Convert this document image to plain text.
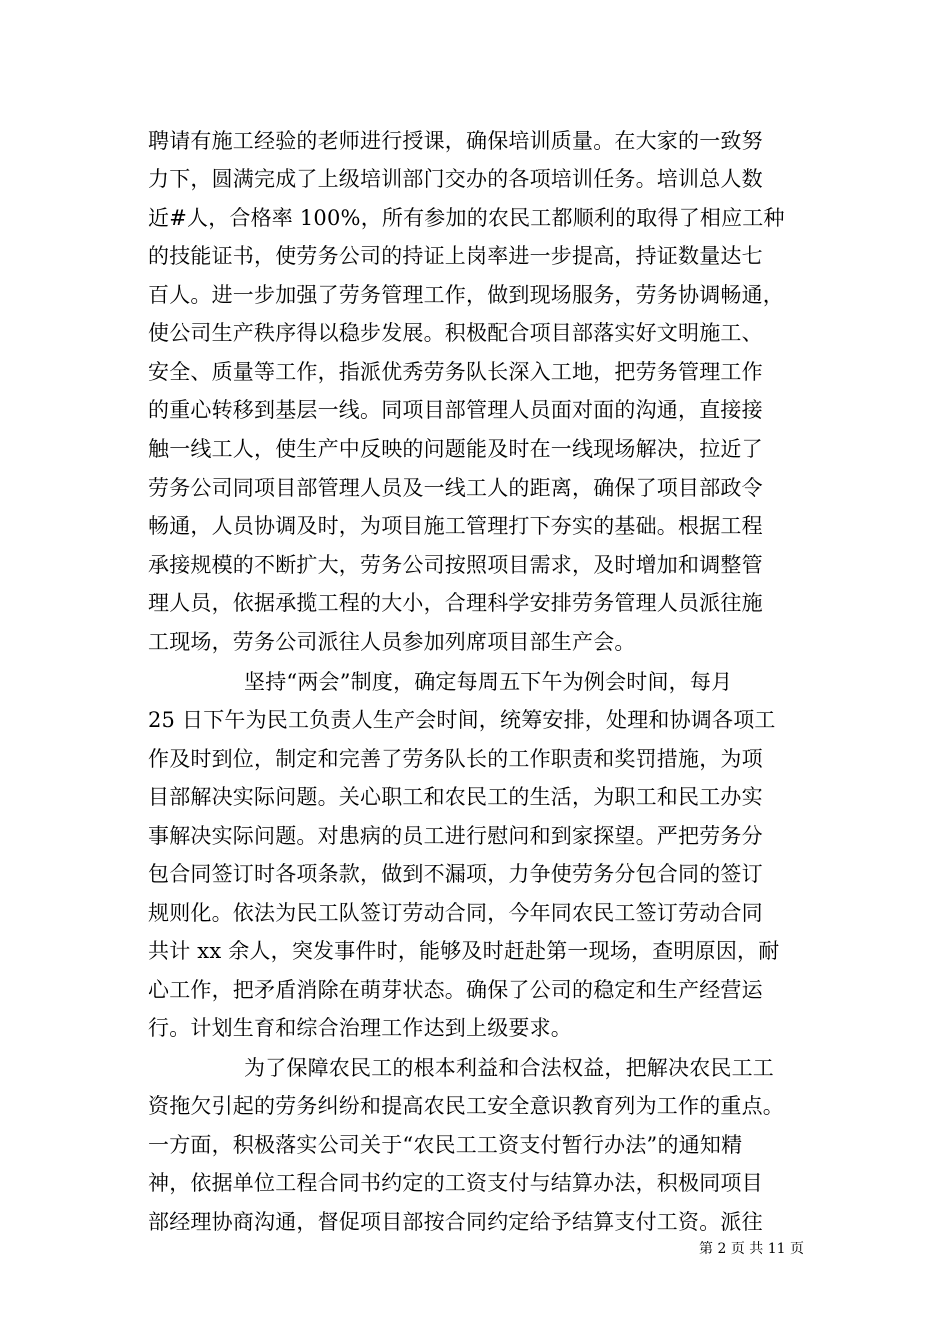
聘请有施工经验的老师进行授课，确保培训质量。在大家的一致努
力下，圆满完成了上级培训部门交办的各项培训任务。培训总人数
近#人，合格率 100%，所有参加的农民工都顺利的取得了相应工种
的技能证书，使劳务公司的持证上岗率进一步提高，持证数量达七
百人。进一步加强了劳务管理工作，做到现场服务，劳务协调畅通，
使公司生产秩序得以稳步发展。积极配合项目部落实好文明施工、
安全、质量等工作，指派优秀劳务队长深入工地，把劳务管理工作
的重心转移到基层一线。同项目部管理人员面对面的沟通，直接接
触一线工人，使生产中反映的问题能及时在一线现场解决，拉近了
劳务公司同项目部管理人员及一线工人的距离，确保了项目部政令
畅通，人员协调及时，为项目施工管理打下夯实的基础。根据工程
承接规模的不断扩大，劳务公司按照项目需求，及时增加和调整管
理人员，依据承揽工程的大小，合理科学安排劳务管理人员派往施
工现场，劳务公司派往人员参加列席项目部生产会。
坚持“两会”制度，确定每周五下午为例会时间，每月
25 日下午为民工负责人生产会时间，统筹安排，处理和协调各项工
作及时到位，制定和完善了劳务队长的工作职责和奖罚措施，为项
目部解决实际问题。关心职工和农民工的生活，为职工和民工办实
事解决实际问题。对患病的员工进行慰问和到家探望。严把劳务分
包合同签订时各项条款，做到不漏项，力争使劳务分包合同的签订
规则化。依法为民工队签订劳动合同，今年同农民工签订劳动合同
共计 xx 余人，突发事件时，能够及时赶赴第一现场，查明原因，耐
心工作，把矛盾消除在萌芽状态。确保了公司的稳定和生产经营运
行。计划生育和综合治理工作达到上级要求。
为了保障农民工的根本利益和合法权益，把解决农民工工
资拖欠引起的劳务纠纷和提高农民工安全意识教育列为工作的重点。
一方面，积极落实公司关于“农民工工资支付暂行办法”的通知精
神，依据单位工程合同书约定的工资支付与结算办法，积极同项目
部经理协商沟通，督促项目部按合同约定给予结算支付工资。派往
第 2 页 共 11 页
